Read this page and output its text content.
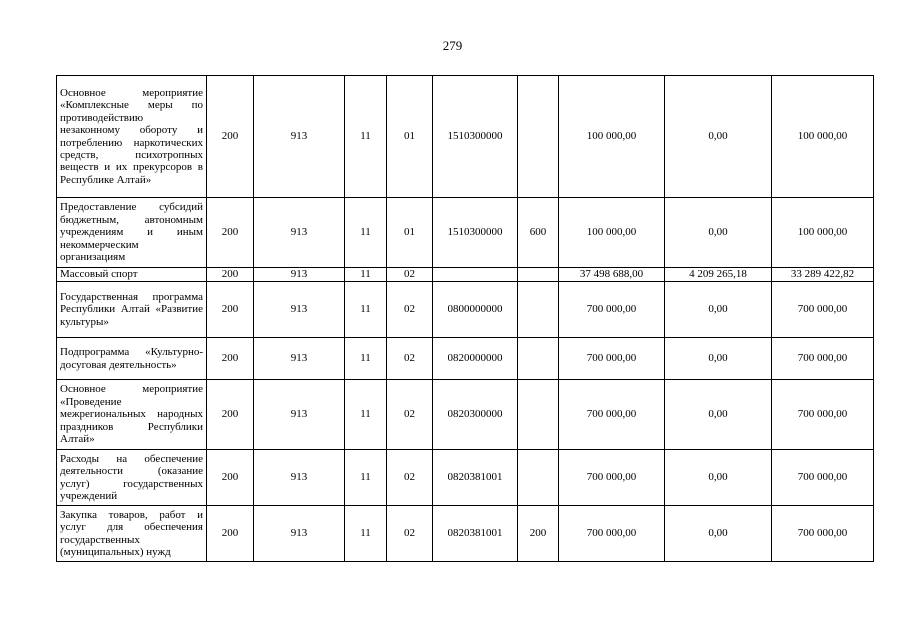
279
Основное мероприятие «Комплексные меры по противодействию незаконному обороту и потреблению наркотических средств, психотропных веществ и их прекурсоров в Республике Алтай»	200	913	11	01	1510300000		100 000,00	0,00	100 000,00
Предоставление субсидий бюджетным, автономным учреждениям и иным некоммерческим организациям	200	913	11	01	1510300000	600	100 000,00	0,00	100 000,00
Массовый спорт	200	913	11	02			37 498 688,00	4 209 265,18	33 289 422,82
Государственная программа Республики Алтай «Развитие культуры»	200	913	11	02	0800000000		700 000,00	0,00	700 000,00
Подпрограмма «Культурно-досуговая деятельность»	200	913	11	02	0820000000		700 000,00	0,00	700 000,00
Основное мероприятие «Проведение межрегиональных народных праздников Республики Алтай»	200	913	11	02	0820300000		700 000,00	0,00	700 000,00
Расходы на обеспечение деятельности (оказание услуг) государственных учреждений	200	913	11	02	0820381001		700 000,00	0,00	700 000,00
Закупка товаров, работ и услуг для обеспечения государственных (муниципальных) нужд	200	913	11	02	0820381001	200	700 000,00	0,00	700 000,00
